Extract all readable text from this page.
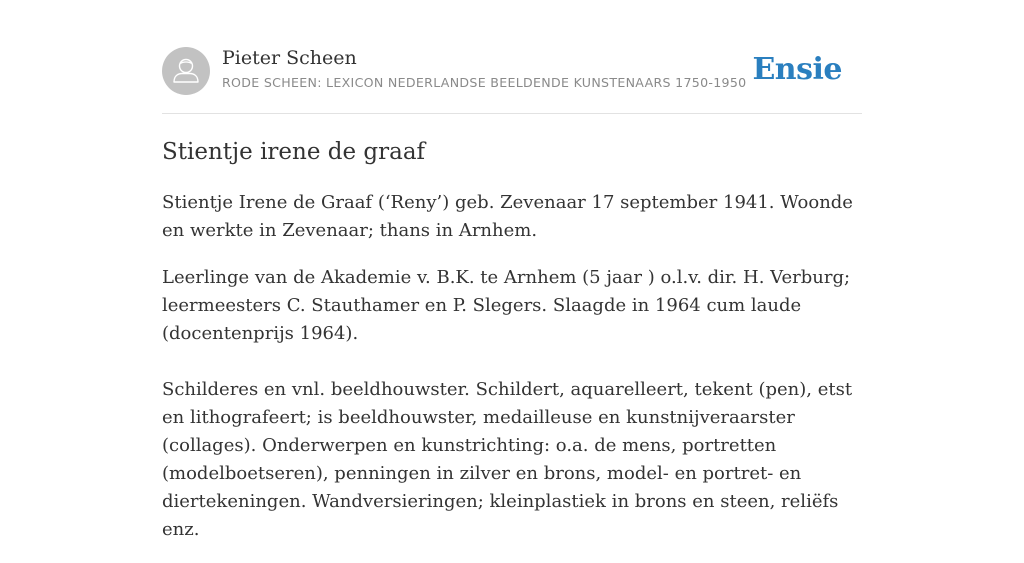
Pieter Scheen
RODE SCHEEN: LEXICON NEDERLANDSE BEELDENDE KUNSTENAARS 1750-1950 Ensie
Stientje irene de graaf

Stientje Irene de Graaf (‘Reny’) geb. Zevenaar 17 september 1941. Woonde en werkte in Zevenaar; thans in Arnhem.

Leerlinge van de Akademie v. B.K. te Arnhem (5 jaar ) o.l.v. dir. H. Verburg; leermeesters C. Stauthamer en P. Slegers. Slaagde in 1964 cum laude (docentenprijs 1964).

Schilderes en vnl. beeldhouwster. Schildert, aquarelleert, tekent (pen), etst en lithografeert; is beeldhouwster, medailleuse en kunstnijveraarster (collages). Onderwerpen en kunstrichting: o.a. de mens, portretten (modelboetseren), penningen in zilver en brons, model- en portret- en diertekeningen. Wandversieringen; kleinplastiek in brons en steen, reliëfs enz.
